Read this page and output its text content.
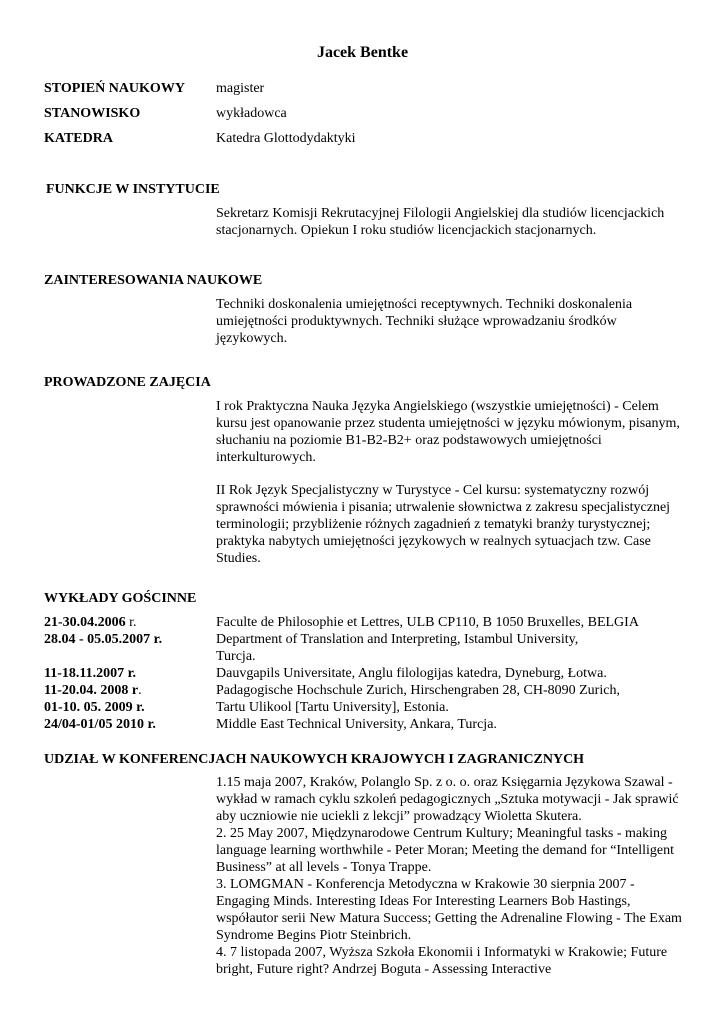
Jacek Bentke
STOPIEŃ NAUKOWY magister
STANOWISKO	wykładowca
KATEDRA	Katedra Glottodydaktyki
FUNKCJE W INSTYTUCIE
Sekretarz Komisji Rekrutacyjnej Filologii Angielskiej dla studiów licencjackich stacjonarnych. Opiekun I roku studiów licencjackich stacjonarnych.
ZAINTERESOWANIA NAUKOWE
Techniki doskonalenia umiejętności receptywnych. Techniki doskonalenia umiejętności produktywnych. Techniki służące wprowadzaniu środków językowych.
PROWADZONE ZAJĘCIA
I rok Praktyczna Nauka Języka Angielskiego (wszystkie umiejętności) - Celem kursu jest opanowanie przez studenta umiejętności w języku mówionym, pisanym, słuchaniu na poziomie B1-B2-B2+ oraz podstawowych umiejętności interkulturowych.
II Rok Język Specjalistyczny w Turystyce - Cel kursu: systematyczny rozwój sprawności mówienia i pisania; utrwalenie słownictwa z zakresu specjalistycznej terminologii; przybliżenie różnych zagadnień z tematyki branży turystycznej; praktyka nabytych umiejętności językowych w realnych sytuacjach tzw. Case Studies.
WYKŁADY GOŚCINNE
21-30.04.2006 r.	Faculte de Philosophie et Lettres, ULB CP110, B 1050 Bruxelles, BELGIA
28.04 - 05.05.2007 r.	Department of Translation and Interpreting, Istambul University, Turcja.
11-18.11.2007 r.	Dauvgapils Universitate, Anglu filologijas katedra, Dyneburg, Łotwa.
11-20.04. 2008 r.	Padagogische Hochschule Zurich, Hirschengraben 28, CH-8090 Zurich,
01-10. 05. 2009 r.	Tartu Ulikool [Tartu University], Estonia.
24/04-01/05 2010 r.	Middle East Technical University, Ankara, Turcja.
UDZIAŁ W KONFERENCJACH NAUKOWYCH KRAJOWYCH I ZAGRANICZNYCH
1.15 maja 2007, Kraków, Polanglo Sp. z o. o. oraz Księgarnia Językowa Szawal - wykład w ramach cyklu szkoleń pedagogicznych „Sztuka motywacji - Jak sprawić aby uczniowie nie uciekli z lekcji” prowadzący Wioletta Skutera.
2. 25 May 2007, Międzynarodowe Centrum Kultury; Meaningful tasks - making language learning worthwhile - Peter Moran; Meeting the demand for “Intelligent Business” at all levels - Tonya Trappe.
3. LOMGMAN - Konferencja Metodyczna w Krakowie 30 sierpnia 2007 - Engaging Minds. Interesting Ideas For Interesting Learners Bob Hastings, współautor serii New Matura Success; Getting the Adrenaline Flowing - The Exam Syndrome Begins Piotr Steinbrich.
4. 7 listopada 2007, Wyższa Szkoła Ekonomii i Informatyki w Krakowie; Future bright, Future right? Andrzej Boguta - Assessing Interactive
